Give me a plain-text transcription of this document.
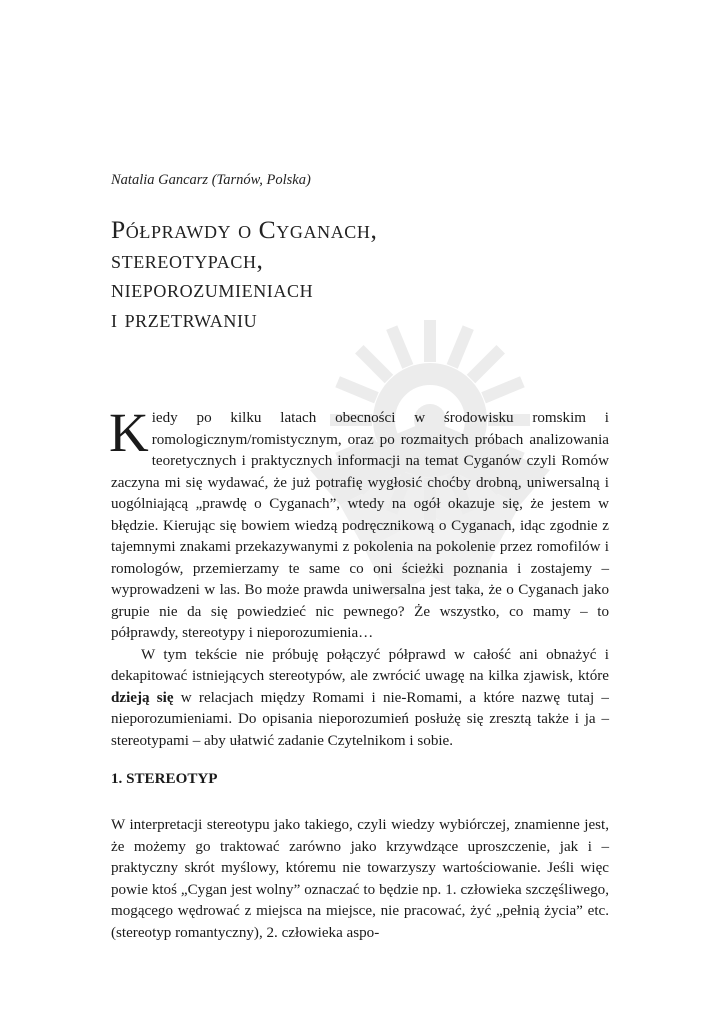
Natalia Gancarz (Tarnów, Polska)
Półprawdy o Cyganach,
stereotypach,
nieporozumieniach
i przetrwaniu

Kiedy po kilku latach obecności w środowisku romskim i romologicznym/romistycznym, oraz po rozmaitych próbach analizowania teoretycznych i praktycznych informacji na temat Cyganów czyli Romów zaczyna mi się wydawać, że już potrafię wygłosić choćby drobną, uniwersalną i uogólniającą „prawdę o Cyganach”, wtedy na ogół okazuje się, że jestem w błędzie. Kierując się bowiem wiedzą podręcznikową o Cyganach, idąc zgodnie z tajemnymi znakami przekazywanymi z pokolenia na pokolenie przez romofilów i romologów, przemierzamy te same co oni ścieżki poznania i zostajemy – wyprowadzeni w las. Bo może prawda uniwersalna jest taka, że o Cyganach jako grupie nie da się powiedzieć nic pewnego? Że wszystko, co mamy – to półprawdy, stereotypy i nieporozumienia…

W tym tekście nie próbuję połączyć półprawd w całość ani obnażyć i dekapitować istniejących stereotypów, ale zwrócić uwagę na kilka zjawisk, które dzieją się w relacjach między Romami i nie-Romami, a które nazwę tutaj – nieporozumieniami. Do opisania nieporozumień posłużę się zresztą także i ja – stereotypami – aby ułatwić zadanie Czytelnikom i sobie.

1. STEREOTYP
W interpretacji stereotypu jako takiego, czyli wiedzy wybiórczej, znamienne jest, że możemy go traktować zarówno jako krzywdzące uproszczenie, jak i – praktyczny skrót myślowy, któremu nie towarzyszy wartościowanie. Jeśli więc powie ktoś „Cygan jest wolny” oznaczać to będzie np. 1. człowieka szczęśliwego, mogącego wędrować z miejsca na miejsce, nie pracować, żyć „pełnią życia” etc. (stereotyp romantyczny), 2. człowieka aspo-
